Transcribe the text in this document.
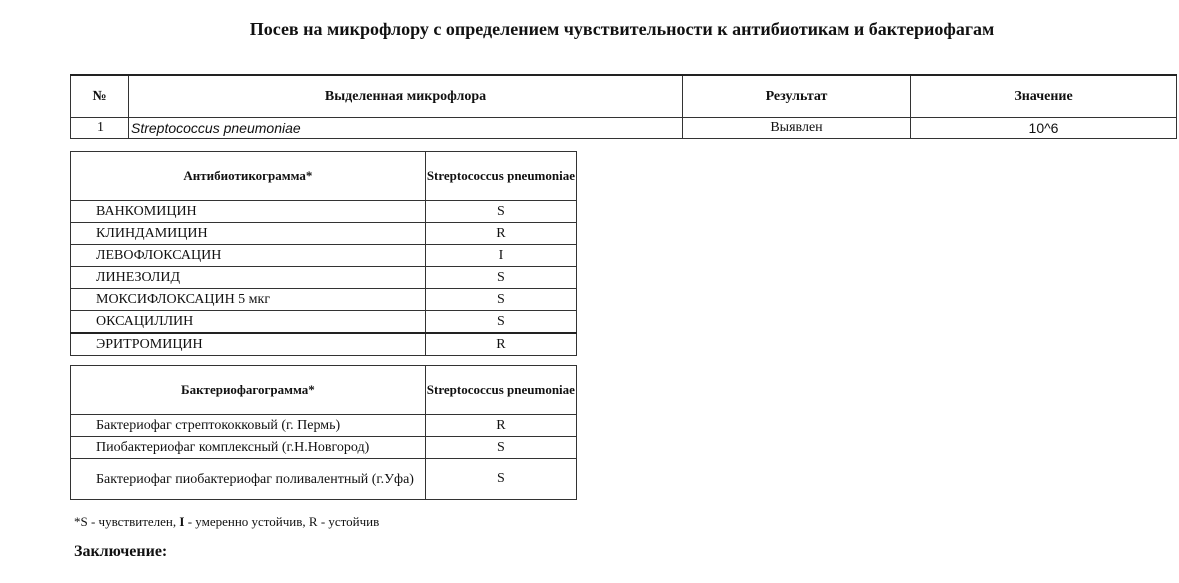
Посев на микрофлору с определением чувствительности к антибиотикам и бактериофагам
№	Выделенная микрофлора	Результат	Значение
1	Streptococcus pneumoniae	Выявлен	10^6
Антибиотикограмма*	Streptococcus pneumoniae
ВАНКОМИЦИН	S
КЛИНДАМИЦИН	R
ЛЕВОФЛОКСАЦИН	I
ЛИНЕЗОЛИД	S
МОКСИФЛОКСАЦИН 5 мкг	S
ОКСАЦИЛЛИН	S
ЭРИТРОМИЦИН	R
Бактериофагограмма*	Streptococcus pneumoniae
Бактериофаг стрептококковый (г. Пермь)	R
Пиобактериофаг комплексный (г.Н.Новгород)	S
Бактериофаг пиобактериофаг поливалентный (г.Уфа)	S
*S - чувствителен, I - умеренно устойчив, R - устойчив
Заключение:
